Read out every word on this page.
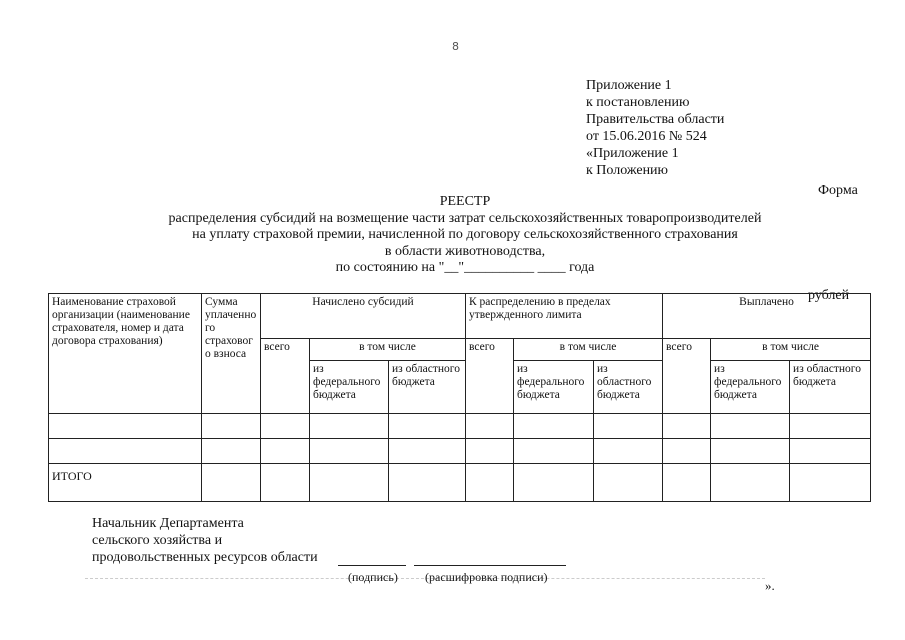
8
Приложение 1
к постановлению
Правительства области
от 15.06.2016 № 524
«Приложение 1
к Положению
Форма
РЕЕСТР
распределения субсидий на возмещение части затрат сельскохозяйственных товаропроизводителей
на уплату страховой премии, начисленной по договору сельскохозяйственного страхования
в области животноводства,
по состоянию на "__"__________ ____ года
рублей
Наименование страховой организации (наименование страхователя, номер и дата договора страхования)	Сумма уплаченного страхового взноса	Начислено субсидий			К распределению в пределах утвержденного лимита			Выплачено		
		всего	в том числе		всего	в том числе		всего	в том числе	
			из федерального бюджета	из областного бюджета		из федерального бюджета	из областного бюджета		из федерального бюджета	из областного бюджета

ИТОГО										
Начальник Департамента
сельского хозяйства и
продовольственных ресурсов области
(подпись) (расшифровка подписи)
».
